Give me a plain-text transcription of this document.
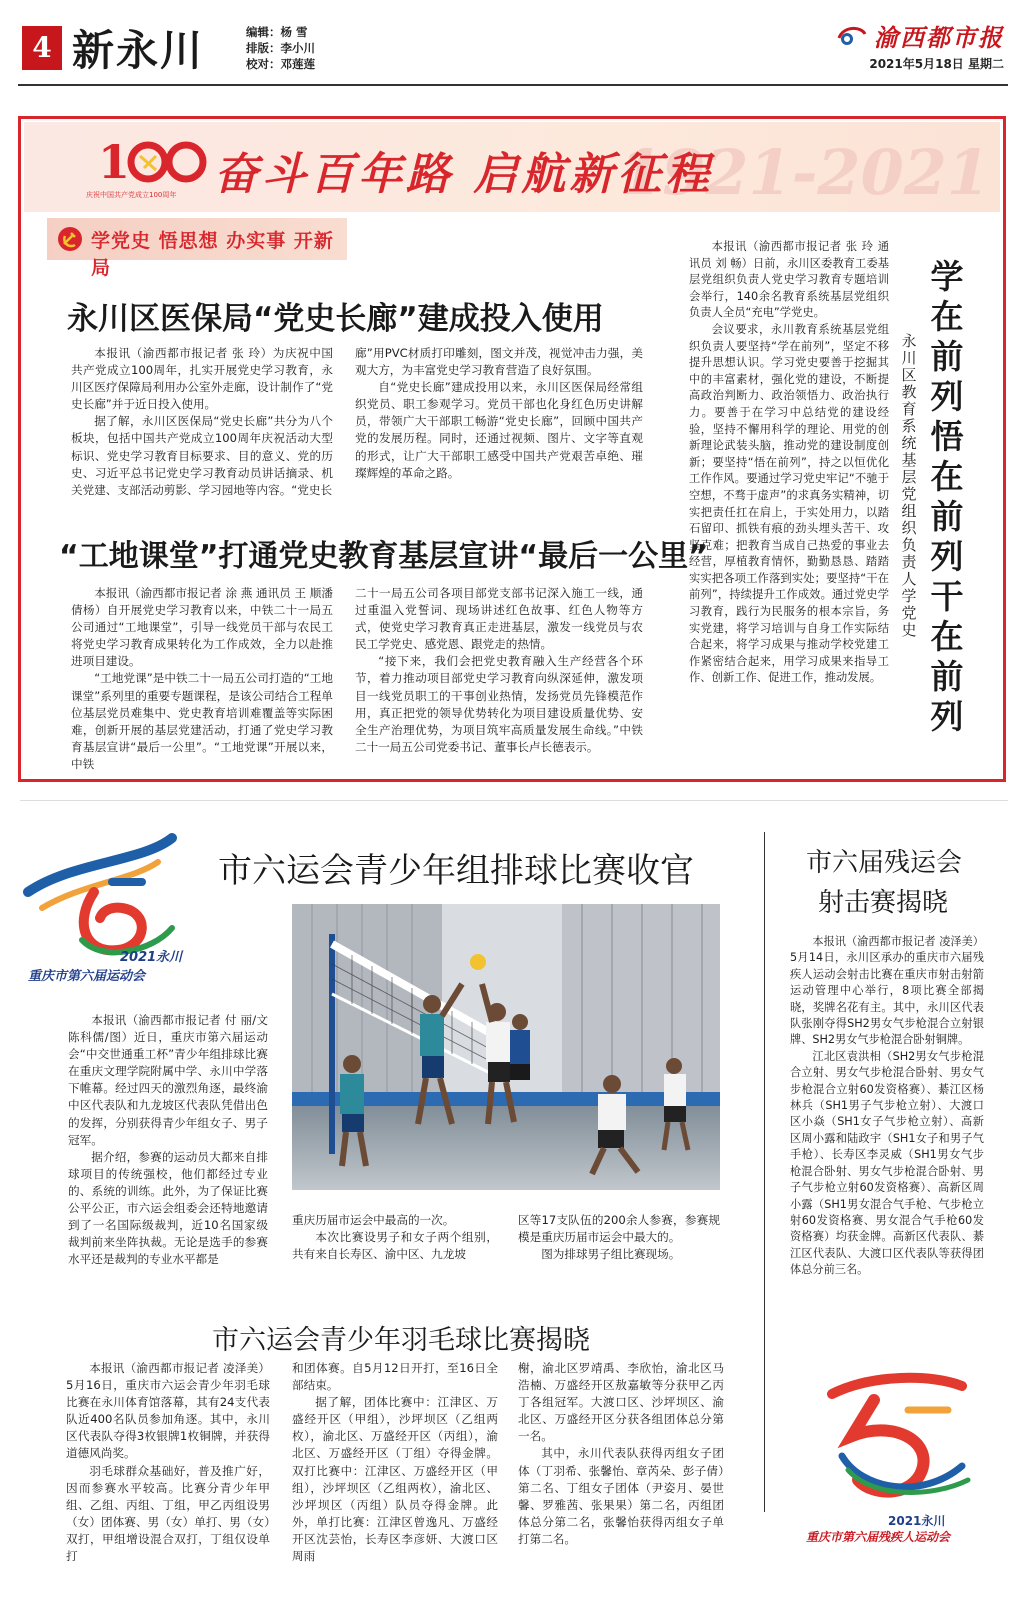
4 新永川	编辑：杨 雪
排版：李小川
校对：邓莲莲
渝西都市报
2021年5月18日 星期二
1921-2021
1
庆祝中国共产党成立100周年 奋斗百年路 启航新征程
学党史 悟思想 办实事 开新局
永川区医保局“党史长廊”建成投入使用

本报讯（渝西都市报记者 张 玲）为庆祝中国共产党成立100周年，扎实开展党史学习教育，永川区医疗保障局利用办公室外走廊，设计制作了“党史长廊”并于近日投入使用。

据了解，永川区医保局“党史长廊”共分为八个板块，包括中国共产党成立100周年庆祝活动大型标识、党史学习教育目标要求、目的意义、党的历史、习近平总书记党史学习教育动员讲话摘录、机关党建、支部活动剪影、学习园地等内容。“党史长

廊”用PVC材质打印雕刻，图文并茂，视觉冲击力强，美观大方，为丰富党史学习教育营造了良好氛围。

自“党史长廊”建成投用以来，永川区医保局经常组织党员、职工参观学习。党员干部也化身红色历史讲解员，带领广大干部职工畅游“党史长廊”，回顾中国共产党的发展历程。同时，还通过视频、图片、文字等直观的形式，让广大干部职工感受中国共产党艰苦卓绝、璀璨辉煌的革命之路。

“工地课堂”打通党史教育基层宣讲“最后一公里”

本报讯（渝西都市报记者 涂 燕 通讯员 王 顺潘倩杨）自开展党史学习教育以来，中铁二十一局五公司通过“工地课堂”，引导一线党员干部与农民工将党史学习教育成果转化为工作成效，全力以赴推进项目建设。

“工地党课”是中铁二十一局五公司打造的“工地课堂”系列里的重要专题课程，是该公司结合工程单位基层党员难集中、党史教育培训难覆盖等实际困难，创新开展的基层党建活动，打通了党史学习教育基层宣讲“最后一公里”。“工地党课”开展以来，中铁

二十一局五公司各项目部党支部书记深入施工一线，通过重温入党誓词、现场讲述红色故事、红色人物等方式，使党史学习教育真正走进基层，激发一线党员与农民工学党史、感党恩、跟党走的热情。

“接下来，我们会把党史教育融入生产经营各个环节，着力推动项目部党史学习教育向纵深延伸，激发项目一线党员职工的干事创业热情，发扬党员先锋模范作用，真正把党的领导优势转化为项目建设质量优势、安全生产治理优势，为项目筑牢高质量发展生命线。”中铁二十一局五公司党委书记、董事长卢长德表示。

本报讯（渝西都市报记者 张 玲 通讯员 刘 畅）日前，永川区委教育工委基层党组织负责人党史学习教育专题培训会举行，140余名教育系统基层党组织负责人全员“充电”学党史。

会议要求，永川教育系统基层党组织负责人要坚持“学在前列”，坚定不移提升思想认识。学习党史要善于挖掘其中的丰富素材，强化党的建设，不断提高政治判断力、政治领悟力、政治执行力。要善于在学习中总结党的建设经验，坚持不懈用科学的理论、用党的创新理论武装头脑，推动党的建设制度创新；要坚持“悟在前列”，持之以恒优化工作作风。要通过学习党史牢记“不驰于空想，不骛于虚声”的求真务实精神，切实把责任扛在肩上，于实处用力，以踏石留印、抓铁有痕的劲头埋头苦干、攻坚克难；把教育当成自己热爱的事业去经营，厚植教育情怀，勤勤恳恳、踏踏实实把各项工作落到实处；要坚持“干在前列”，持续提升工作成效。通过党史学习教育，践行为民服务的根本宗旨，务实党建，将学习培训与自身工作实际结合起来，将学习成果与推动学校党建工作紧密结合起来，用学习成果来指导工作、创新工作、促进工作，推动发展。

永川区教育系统基层党组织负责人学党史
学在前列 悟在前列 干在前列
2021永川
重庆市第六届运动会
市六运会青少年组排球比赛收官

本报讯（渝西都市报记者 付 丽/文 陈科儒/图）近日，重庆市第六届运动会“中交世通重工杯”青少年组排球比赛在重庆文理学院附属中学、永川中学落下帷幕。经过四天的激烈角逐，最终渝中区代表队和九龙坡区代表队凭借出色的发挥，分别获得青少年组女子、男子冠军。

据介绍，参赛的运动员大都来自排球项目的传统强校，他们都经过专业的、系统的训练。此外，为了保证比赛公平公正，市六运会组委会还特地邀请到了一名国际级裁判，近10名国家级裁判前来坐阵执裁。无论是选手的参赛水平还是裁判的专业水平都是

重庆历届市运会中最高的一次。

本次比赛设男子和女子两个组别，共有来自长寿区、渝中区、九龙坡

区等17支队伍的200余人参赛，参赛规模是重庆历届市运会中最大的。

图为排球男子组比赛现场。

市六运会青少年羽毛球比赛揭晓

本报讯（渝西都市报记者 凌泽美）5月16日，重庆市六运会青少年羽毛球比赛在永川体育馆落幕，其有24支代表队近400名队员参加角逐。其中，永川区代表队夺得3枚银牌1枚铜牌，并获得道德风尚奖。

羽毛球群众基础好，普及推广好，因而参赛水平较高。比赛分青少年甲组、乙组、丙组、丁组，甲乙丙组设男（女）团体赛、男（女）单打、男（女）双打，甲组增设混合双打，丁组仅设单打

和团体赛。自5月12日开打，至16日全部结束。

据了解，团体比赛中：江津区、万盛经开区（甲组），沙坪坝区（乙组两枚），渝北区、万盛经开区（丙组），渝北区、万盛经开区（丁组）夺得金牌。双打比赛中：江津区、万盛经开区（甲组），沙坪坝区（乙组两枚），渝北区、沙坪坝区（丙组）队员夺得金牌。此外，单打比赛：江津区曾逸凡、万盛经开区沈芸怡，长寿区李彦妍、大渡口区周雨

榭，渝北区罗靖禹、李欣怡，渝北区马浩楠、万盛经开区敖嘉敏等分获甲乙丙丁各组冠军。大渡口区、沙坪坝区、渝北区、万盛经开区分获各组团体总分第一名。

其中，永川代表队获得丙组女子团体（丁羽希、张馨怡、章芮朵、彭子倩）第二名、丁组女子团体（尹姿月、晏世馨、罗雅茜、张果果）第二名，丙组团体总分第二名，张馨怡获得丙组女子单打第二名。

市六届残运会
射击赛揭晓

本报讯（渝西都市报记者 凌泽美）5月14日，永川区承办的重庆市六届残疾人运动会射击比赛在重庆市射击射箭运动管理中心举行，8项比赛全部揭晓，奖牌名花有主。其中，永川区代表队张刚夺得SH2男女气步枪混合立射银牌、SH2男女气步枪混合卧射铜牌。

江北区袁洪相（SH2男女气步枪混合立射、男女气步枪混合卧射、男女气步枪混合立射60发资格赛）、綦江区杨林兵（SH1男子气步枪立射）、大渡口区小焱（SH1女子气步枪立射）、高新区周小露和陆政宇（SH1女子和男子气手枪）、长寿区李灵威（SH1男女气步枪混合卧射、男女气步枪混合卧射、男子气步枪立射60发资格赛）、高新区周小露（SH1男女混合气手枪、气步枪立射60发资格赛、男女混合气手枪60发资格赛）均获金牌。高新区代表队、綦江区代表队、大渡口区代表队等获得团体总分前三名。

2021永川
重庆市第六届残疾人运动会
